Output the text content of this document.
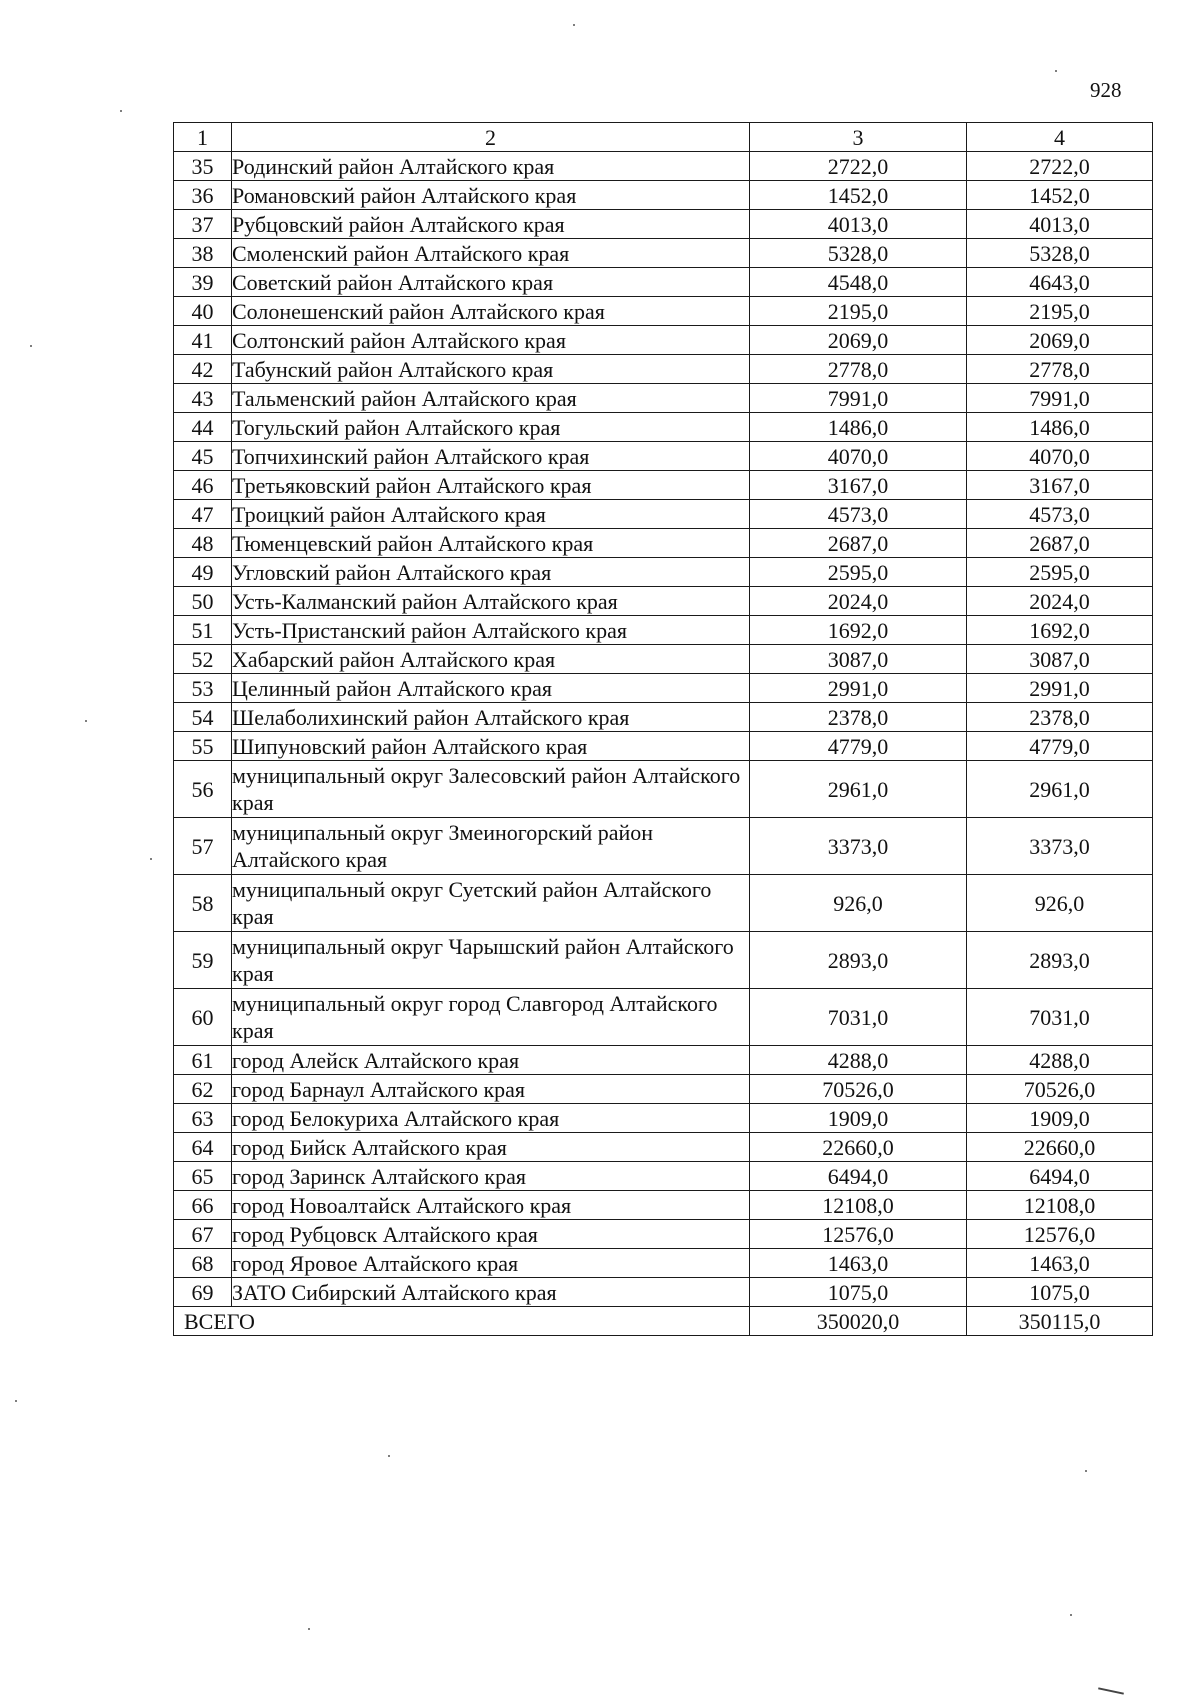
928
1	2	3	4
35	Родинский район Алтайского края	2722,0	2722,0
36	Романовский район Алтайского края	1452,0	1452,0
37	Рубцовский район Алтайского края	4013,0	4013,0
38	Смоленский район Алтайского края	5328,0	5328,0
39	Советский район Алтайского края	4548,0	4643,0
40	Солонешенский район Алтайского края	2195,0	2195,0
41	Солтонский район Алтайского края	2069,0	2069,0
42	Табунский район Алтайского края	2778,0	2778,0
43	Тальменский район Алтайского края	7991,0	7991,0
44	Тогульский район Алтайского края	1486,0	1486,0
45	Топчихинский район Алтайского края	4070,0	4070,0
46	Третьяковский район Алтайского края	3167,0	3167,0
47	Троицкий район Алтайского края	4573,0	4573,0
48	Тюменцевский район Алтайского края	2687,0	2687,0
49	Угловский район Алтайского края	2595,0	2595,0
50	Усть-Калманский район Алтайского края	2024,0	2024,0
51	Усть-Пристанский район Алтайского края	1692,0	1692,0
52	Хабарский район Алтайского края	3087,0	3087,0
53	Целинный район Алтайского края	2991,0	2991,0
54	Шелаболихинский район Алтайского края	2378,0	2378,0
55	Шипуновский район Алтайского края	4779,0	4779,0
56	муниципальный округ Залесовский район Алтайского края	2961,0	2961,0
57	муниципальный округ Змеиногорский район Алтайского края	3373,0	3373,0
58	муниципальный округ Суетский район Алтайского края	926,0	926,0
59	муниципальный округ Чарышский район Алтайского края	2893,0	2893,0
60	муниципальный округ город Славгород Алтайского края	7031,0	7031,0
61	город Алейск Алтайского края	4288,0	4288,0
62	город Барнаул Алтайского края	70526,0	70526,0
63	город Белокуриха Алтайского края	1909,0	1909,0
64	город Бийск Алтайского края	22660,0	22660,0
65	город Заринск Алтайского края	6494,0	6494,0
66	город Новоалтайск Алтайского края	12108,0	12108,0
67	город Рубцовск Алтайского края	12576,0	12576,0
68	город Яровое Алтайского края	1463,0	1463,0
69	ЗАТО Сибирский Алтайского края	1075,0	1075,0
ВСЕГО		350020,0	350115,0
